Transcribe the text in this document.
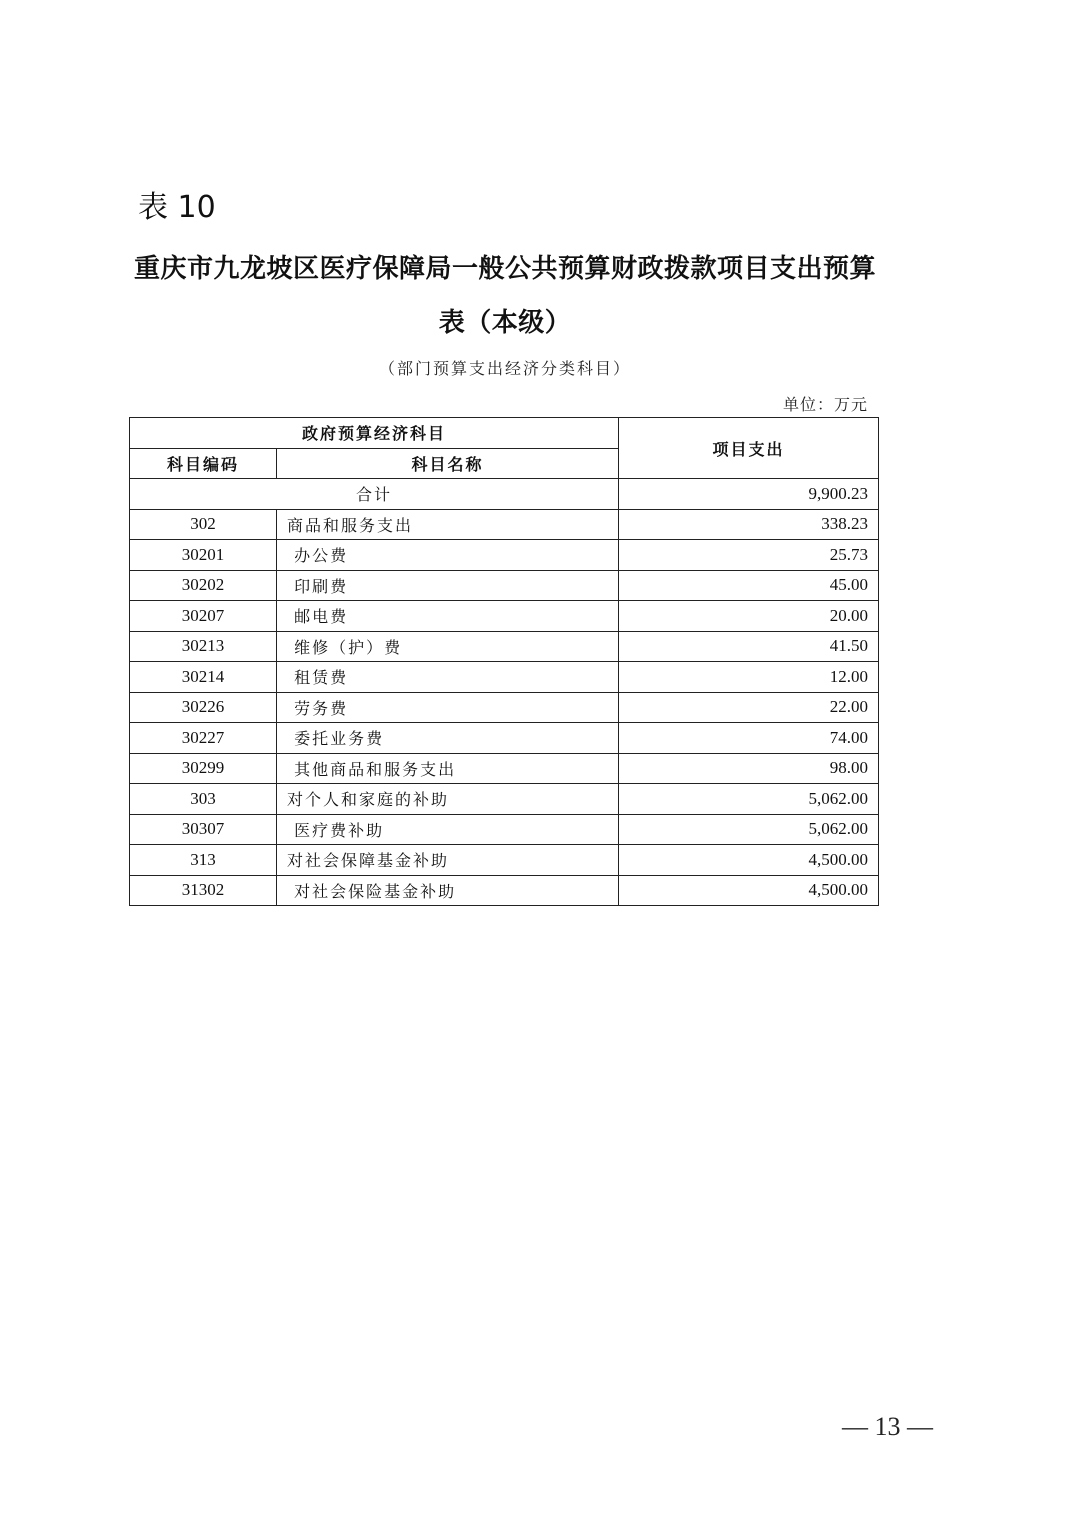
表 10
重庆市九龙坡区医疗保障局一般公共预算财政拨款项目支出预算
表（本级）
（部门预算支出经济分类科目）
单位：万元
政府预算经济科目		项目支出
科目编码	科目名称	
合计		9,900.23
302	商品和服务支出	338.23
30201	办公费	25.73
30202	印刷费	45.00
30207	邮电费	20.00
30213	维修（护）费	41.50
30214	租赁费	12.00
30226	劳务费	22.00
30227	委托业务费	74.00
30299	其他商品和服务支出	98.00
303	对个人和家庭的补助	5,062.00
30307	医疗费补助	5,062.00
313	对社会保障基金补助	4,500.00
31302	对社会保险基金补助	4,500.00
— 13 —
